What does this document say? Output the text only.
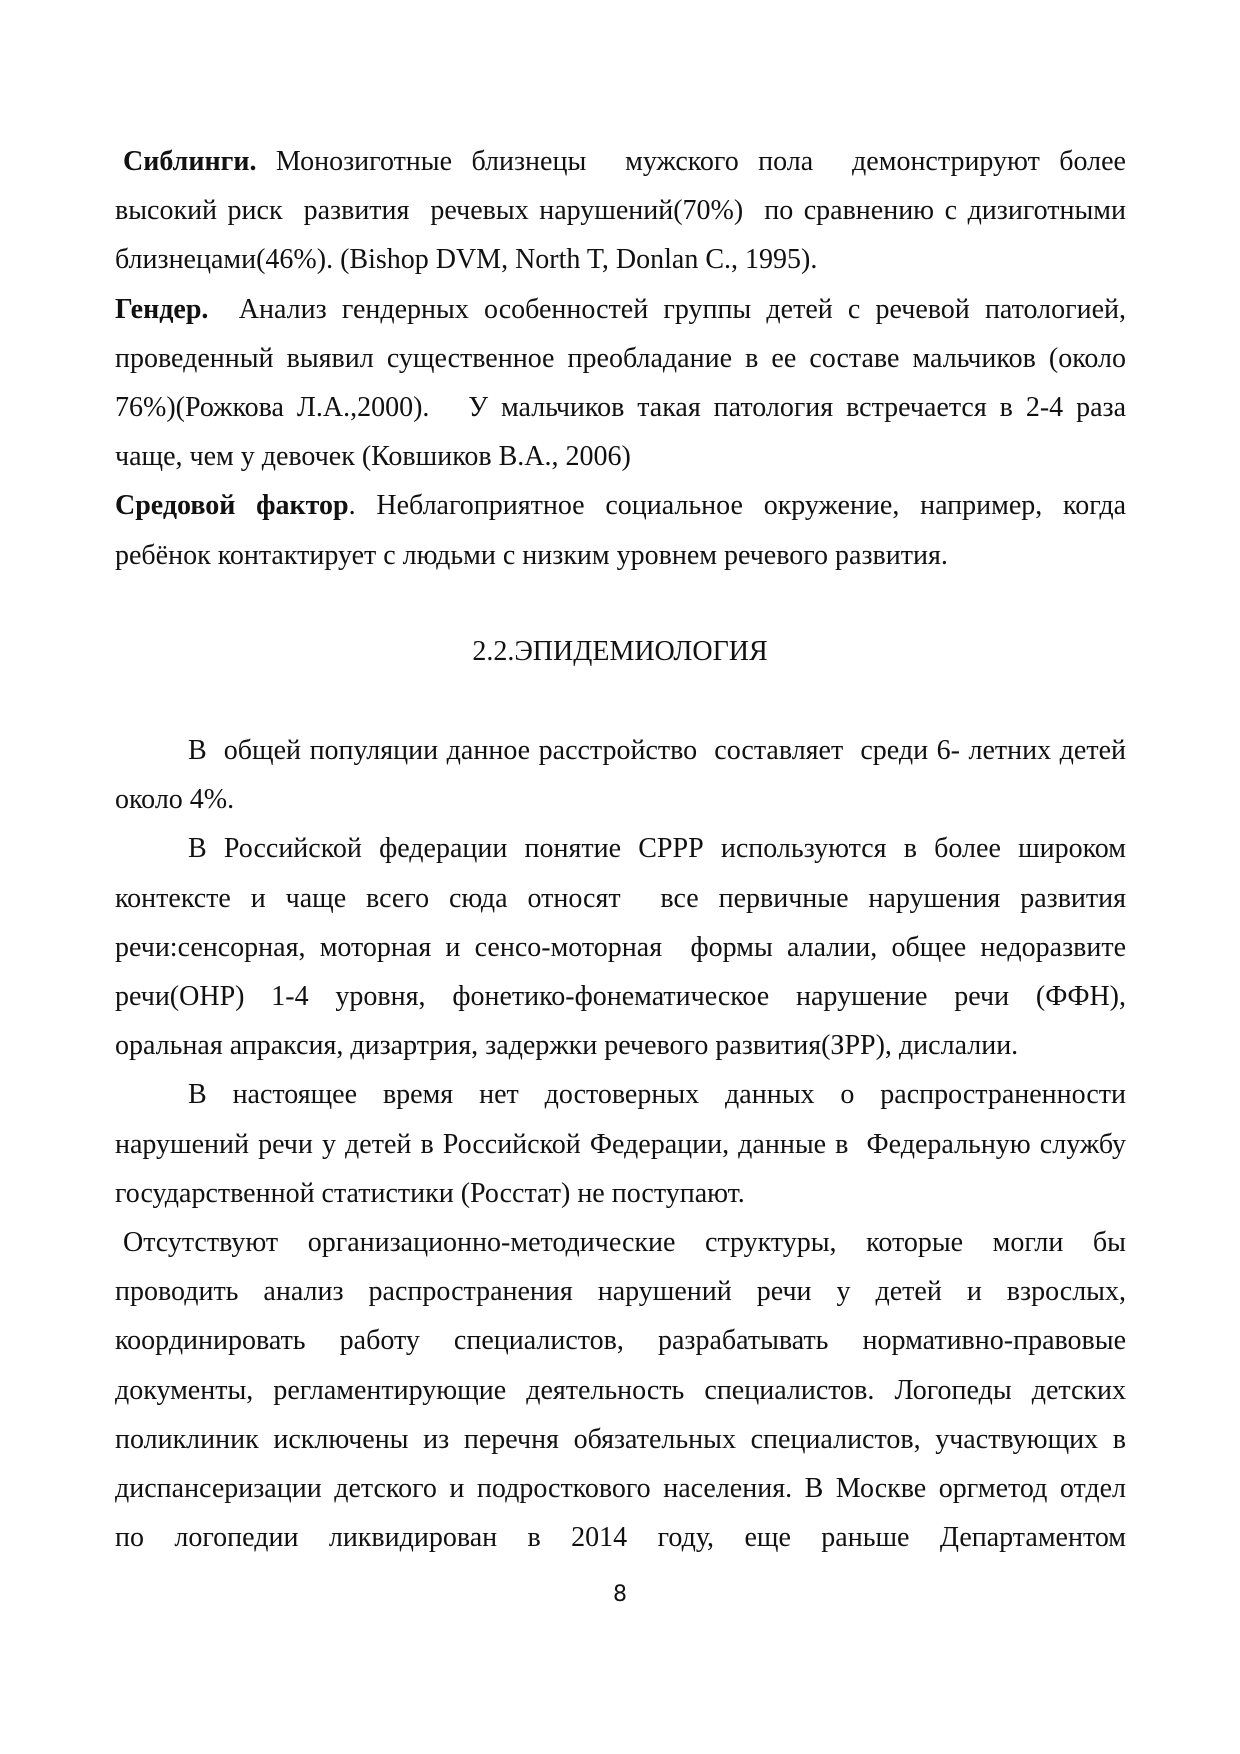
Сиблинги. Монозиготные близнецы  мужского пола  демонстрируют более
высокий риск  развития  речевых нарушений(70%)  по сравнению с дизиготными
близнецами(46%). (Bishop DVM, North T, Donlan C., 1995).
Гендер.  Анализ гендерных особенностей группы детей с речевой патологией,
проведенный выявил существенное преобладание в ее составе мальчиков (около
76%)(Рожкова Л.А.,2000).   У мальчиков такая патология встречается в 2-4 раза
чаще, чем у девочек (Ковшиков В.А., 2006)
Средовой фактор. Неблагоприятное социальное окружение, например, когда
ребёнок контактирует с людьми с низким уровнем речевого развития.
2.2.ЭПИДЕМИОЛОГИЯ
В  общей популяции данное расстройство  составляет  среди 6- летних детей
около 4%.
В Российской федерации понятие СРРР используются в более широком
контексте и чаще всего сюда относят  все первичные нарушения развития
речи:сенсорная, моторная и сенсо-моторная  формы алалии, общее недоразвите
речи(ОНР) 1-4 уровня, фонетико-фонематическое нарушение речи (ФФН),
оральная апраксия, дизартрия, задержки речевого развития(ЗРР), дислалии.
В настоящее время нет достоверных данных о распространенности
нарушений речи у детей в Российской Федерации, данные в  Федеральную службу
государственной статистики (Росстат) не поступают.
Отсутствуют организационно-методические структуры, которые могли бы
проводить анализ распространения нарушений речи у детей и взрослых,
координировать работу специалистов, разрабатывать нормативно-правовые
документы, регламентирующие деятельность специалистов. Логопеды детских
поликлиник исключены из перечня обязательных специалистов, участвующих в
диспансеризации детского и подросткового населения. В Москве оргметод отдел
по логопедии ликвидирован в 2014 году, еще раньше Департаментом
8
